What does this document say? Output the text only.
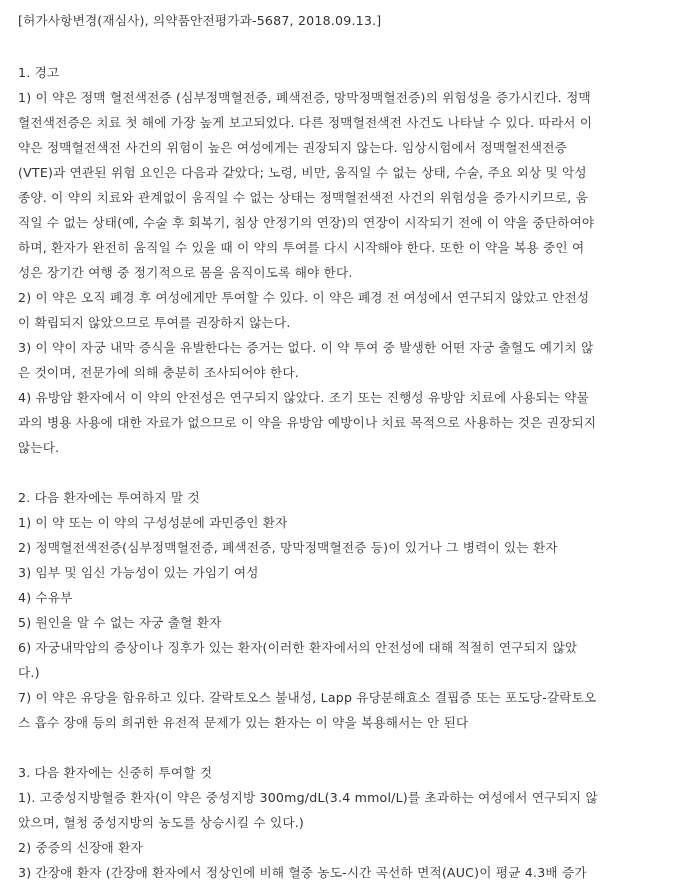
[허가사항변경(재심사), 의약품안전평가과-5687, 2018.09.13.]

1. 경고

1) 이 약은 정맥 혈전색전증 (심부정맥혈전증, 폐색전증, 망막정맥혈전증)의 위험성을 증가시킨다. 정맥

혈전색전증은 치료 첫 해에 가장 높게 보고되었다. 다른 정맥혈전색전 사건도 나타날 수 있다. 따라서 이

약은 정맥혈전색전 사건의 위험이 높은 여성에게는 권장되지 않는다. 임상시험에서 정맥혈전색전증

(VTE)과 연관된 위험 요인은 다음과 같았다; 노령, 비만, 움직일 수 없는 상태, 수술, 주요 외상 및 악성

종양. 이 약의 치료와 관계없이 움직일 수 없는 상태는 정맥혈전색전 사건의 위험성을 증가시키므로, 움

직일 수 없는 상태(예, 수술 후 회복기, 침상 안정기의 연장)의 연장이 시작되기 전에 이 약을 중단하여야

하며, 환자가 완전히 움직일 수 있을 때 이 약의 투여를 다시 시작해야 한다. 또한 이 약을 복용 중인 여

성은 장기간 여행 중 정기적으로 몸을 움직이도록 해야 한다.

2) 이 약은 오직 폐경 후 여성에게만 투여할 수 있다. 이 약은 폐경 전 여성에서 연구되지 않았고 안전성

이 확립되지 않았으므로 투여를 권장하지 않는다.

3) 이 약이 자궁 내막 증식을 유발한다는 증거는 없다. 이 약 투여 중 발생한 어떤 자궁 출혈도 예기치 않

은 것이며, 전문가에 의해 충분히 조사되어야 한다.

4) 유방암 환자에서 이 약의 안전성은 연구되지 않았다. 조기 또는 진행성 유방암 치료에 사용되는 약물

과의 병용 사용에 대한 자료가 없으므로 이 약을 유방암 예방이나 치료 목적으로 사용하는 것은 권장되지

않는다.

2. 다음 환자에는 투여하지 말 것

1) 이 약 또는 이 약의 구성성분에 과민증인 환자

2) 정맥혈전색전증(심부정맥혈전증, 폐색전증, 망막정맥혈전증 등)이 있거나 그 병력이 있는 환자

3) 임부 및 임신 가능성이 있는 가임기 여성

4) 수유부

5) 원인을 알 수 없는 자궁 출혈 환자

6) 자궁내막암의 증상이나 징후가 있는 환자(이러한 환자에서의 안전성에 대해 적절히 연구되지 않았

다.)

7) 이 약은 유당을 함유하고 있다. 갈락토오스 불내성, Lapp 유당분해효소 결핍증 또는 포도당-갈락토오

스 흡수 장애 등의 희귀한 유전적 문제가 있는 환자는 이 약을 복용해서는 안 된다

3. 다음 환자에는 신중히 투여할 것

1). 고중성지방혈증 환자(이 약은 중성지방 300mg/dL(3.4 mmol/L)를 초과하는 여성에서 연구되지 않

았으며, 혈청 중성지방의 농도를 상승시킬 수 있다.)

2) 중증의 신장애 환자

3) 간장애 환자 (간장애 환자에서 정상인에 비해 혈중 농도-시간 곡선하 면적(AUC)이 평균 4.3배 증가
